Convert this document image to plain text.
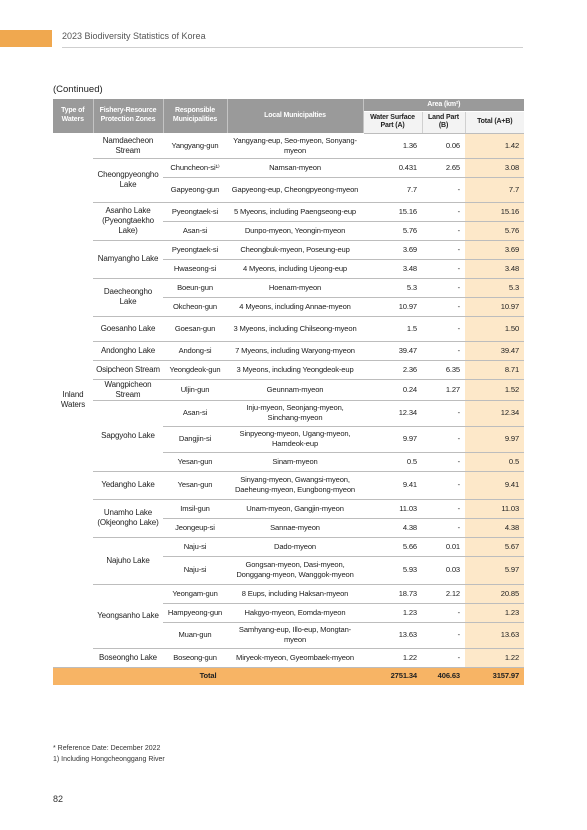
2023 Biodiversity Statistics of Korea
(Continued)
Type of Waters	Fishery-Resource Protection Zones	Responsible Municipalities	Local Municipalties	Area (km²)		
				Water Surface Part (A)	Land Part (B)	Total (A+B)
Inland Waters	Namdaecheon Stream	Yangyang-gun	Yangyang-eup, Seo-myeon, Sonyang-myeon	1.36	0.06	1.42
	Cheongpyeongho Lake	Chuncheon-si¹⁾	Namsan-myeon	0.431	2.65	3.08
		Gapyeong-gun	Gapyeong-eup, Cheongpyeong-myeon	7.7	-	7.7
	Asanho Lake (Pyeongtaekho Lake)	Pyeongtaek-si	5 Myeons, including Paengseong-eup	15.16	-	15.16
		Asan-si	Dunpo-myeon, Yeongin-myeon	5.76	-	5.76
	Namyangho Lake	Pyeongtaek-si	Cheongbuk-myeon, Poseung-eup	3.69	-	3.69
		Hwaseong-si	4 Myeons, including Ujeong-eup	3.48	-	3.48
	Daecheongho Lake	Boeun-gun	Hoenam-myeon	5.3	-	5.3
		Okcheon-gun	4 Myeons, including Annae-myeon	10.97	-	10.97
	Goesanho Lake	Goesan-gun	3 Myeons, including Chilseong-myeon	1.5	-	1.50
	Andongho Lake	Andong-si	7 Myeons, including Waryong-myeon	39.47	-	39.47
	Osipcheon Stream	Yeongdeok-gun	3 Myeons, including Yeongdeok-eup	2.36	6.35	8.71
	Wangpicheon Stream	Uljin-gun	Geunnam-myeon	0.24	1.27	1.52
	Sapgyoho Lake	Asan-si	Inju-myeon, Seonjang-myeon, Sinchang-myeon	12.34	-	12.34
		Dangjin-si	Sinpyeong-myeon, Ugang-myeon, Hamdeok-eup	9.97	-	9.97
		Yesan-gun	Sinam-myeon	0.5	-	0.5
	Yedangho Lake	Yesan-gun	Sinyang-myeon, Gwangsi-myeon, Daeheung-myeon, Eungbong-myeon	9.41	-	9.41
	Unamho Lake (Okjeongho Lake)	Imsil-gun	Unam-myeon, Gangjin-myeon	11.03	-	11.03
		Jeongeup-si	Sannae-myeon	4.38	-	4.38
	Najuho Lake	Naju-si	Dado-myeon	5.66	0.01	5.67
		Naju-si	Gongsan-myeon, Dasi-myeon, Donggang-myeon, Wanggok-myeon	5.93	0.03	5.97
	Yeongsanho Lake	Yeongam-gun	8 Eups, including Haksan-myeon	18.73	2.12	20.85
		Hampyeong-gun	Hakgyo-myeon, Eomda-myeon	1.23	-	1.23
		Muan-gun	Samhyang-eup, Illo-eup, Mongtan-myeon	13.63	-	13.63
	Boseongho Lake	Boseong-gun	Miryeok-myeon, Gyeombaek-myeon	1.22	-	1.22
Total				2751.34	406.63	3157.97
* Reference Date: December 2022
1) Including Hongcheonggang River
82
